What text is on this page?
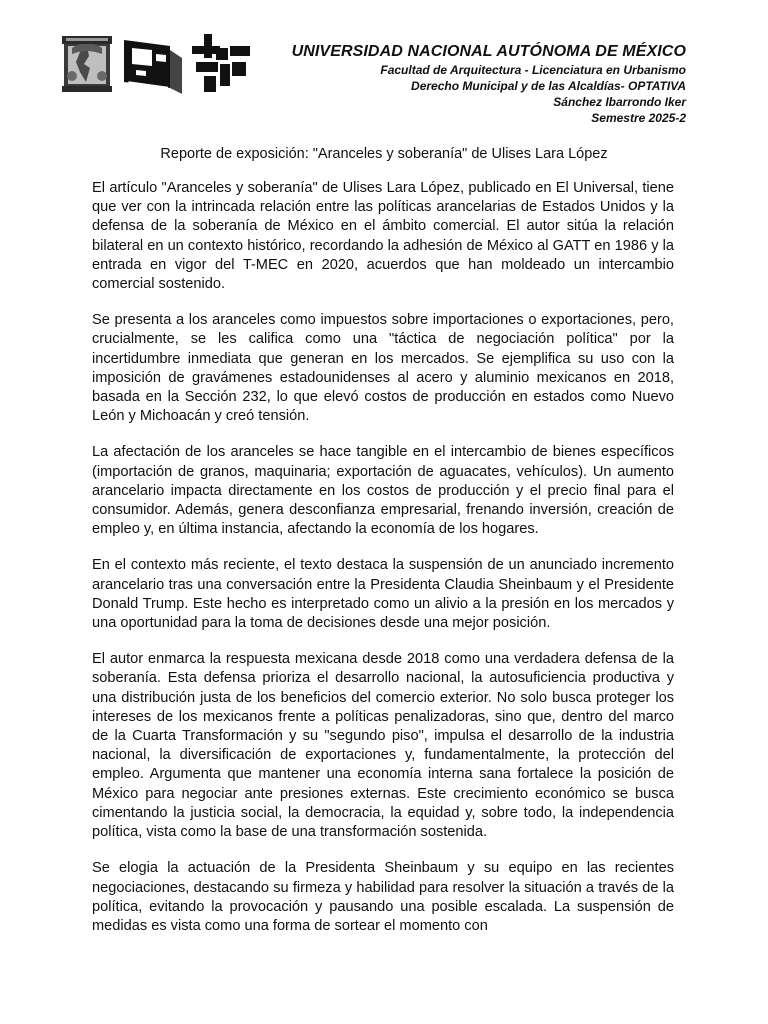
UNIVERSIDAD NACIONAL AUTÓNOMA DE MÉXICO
Facultad de Arquitectura - Licenciatura en Urbanismo
Derecho Municipal y de las Alcaldías- OPTATIVA
Sánchez Ibarrondo Iker
Semestre 2025-2
Reporte de exposición: "Aranceles y soberanía" de Ulises Lara López

El artículo "Aranceles y soberanía" de Ulises Lara López, publicado en El Universal, tiene que ver con la intrincada relación entre las políticas arancelarias de Estados Unidos y la defensa de la soberanía de México en el ámbito comercial. El autor sitúa la relación bilateral en un contexto histórico, recordando la adhesión de México al GATT en 1986 y la entrada en vigor del T-MEC en 2020, acuerdos que han moldeado un intercambio comercial sostenido.

Se presenta a los aranceles como impuestos sobre importaciones o exportaciones, pero, crucialmente, se les califica como una "táctica de negociación política" por la incertidumbre inmediata que generan en los mercados. Se ejemplifica su uso con la imposición de gravámenes estadounidenses al acero y aluminio mexicanos en 2018, basada en la Sección 232, lo que elevó costos de producción en estados como Nuevo León y Michoacán y creó tensión.

La afectación de los aranceles se hace tangible en el intercambio de bienes específicos (importación de granos, maquinaria; exportación de aguacates, vehículos). Un aumento arancelario impacta directamente en los costos de producción y el precio final para el consumidor. Además, genera desconfianza empresarial, frenando inversión, creación de empleo y, en última instancia, afectando la economía de los hogares.

En el contexto más reciente, el texto destaca la suspensión de un anunciado incremento arancelario tras una conversación entre la Presidenta Claudia Sheinbaum y el Presidente Donald Trump. Este hecho es interpretado como un alivio a la presión en los mercados y una oportunidad para la toma de decisiones desde una mejor posición.

El autor enmarca la respuesta mexicana desde 2018 como una verdadera defensa de la soberanía. Esta defensa prioriza el desarrollo nacional, la autosuficiencia productiva y una distribución justa de los beneficios del comercio exterior. No solo busca proteger los intereses de los mexicanos frente a políticas penalizadoras, sino que, dentro del marco de la Cuarta Transformación y su "segundo piso", impulsa el desarrollo de la industria nacional, la diversificación de exportaciones y, fundamentalmente, la protección del empleo. Argumenta que mantener una economía interna sana fortalece la posición de México para negociar ante presiones externas. Este crecimiento económico se busca cimentando la justicia social, la democracia, la equidad y, sobre todo, la independencia política, vista como la base de una transformación sostenida.

Se elogia la actuación de la Presidenta Sheinbaum y su equipo en las recientes negociaciones, destacando su firmeza y habilidad para resolver la situación a través de la política, evitando la provocación y pausando una posible escalada. La suspensión de medidas es vista como una forma de sortear el momento con
